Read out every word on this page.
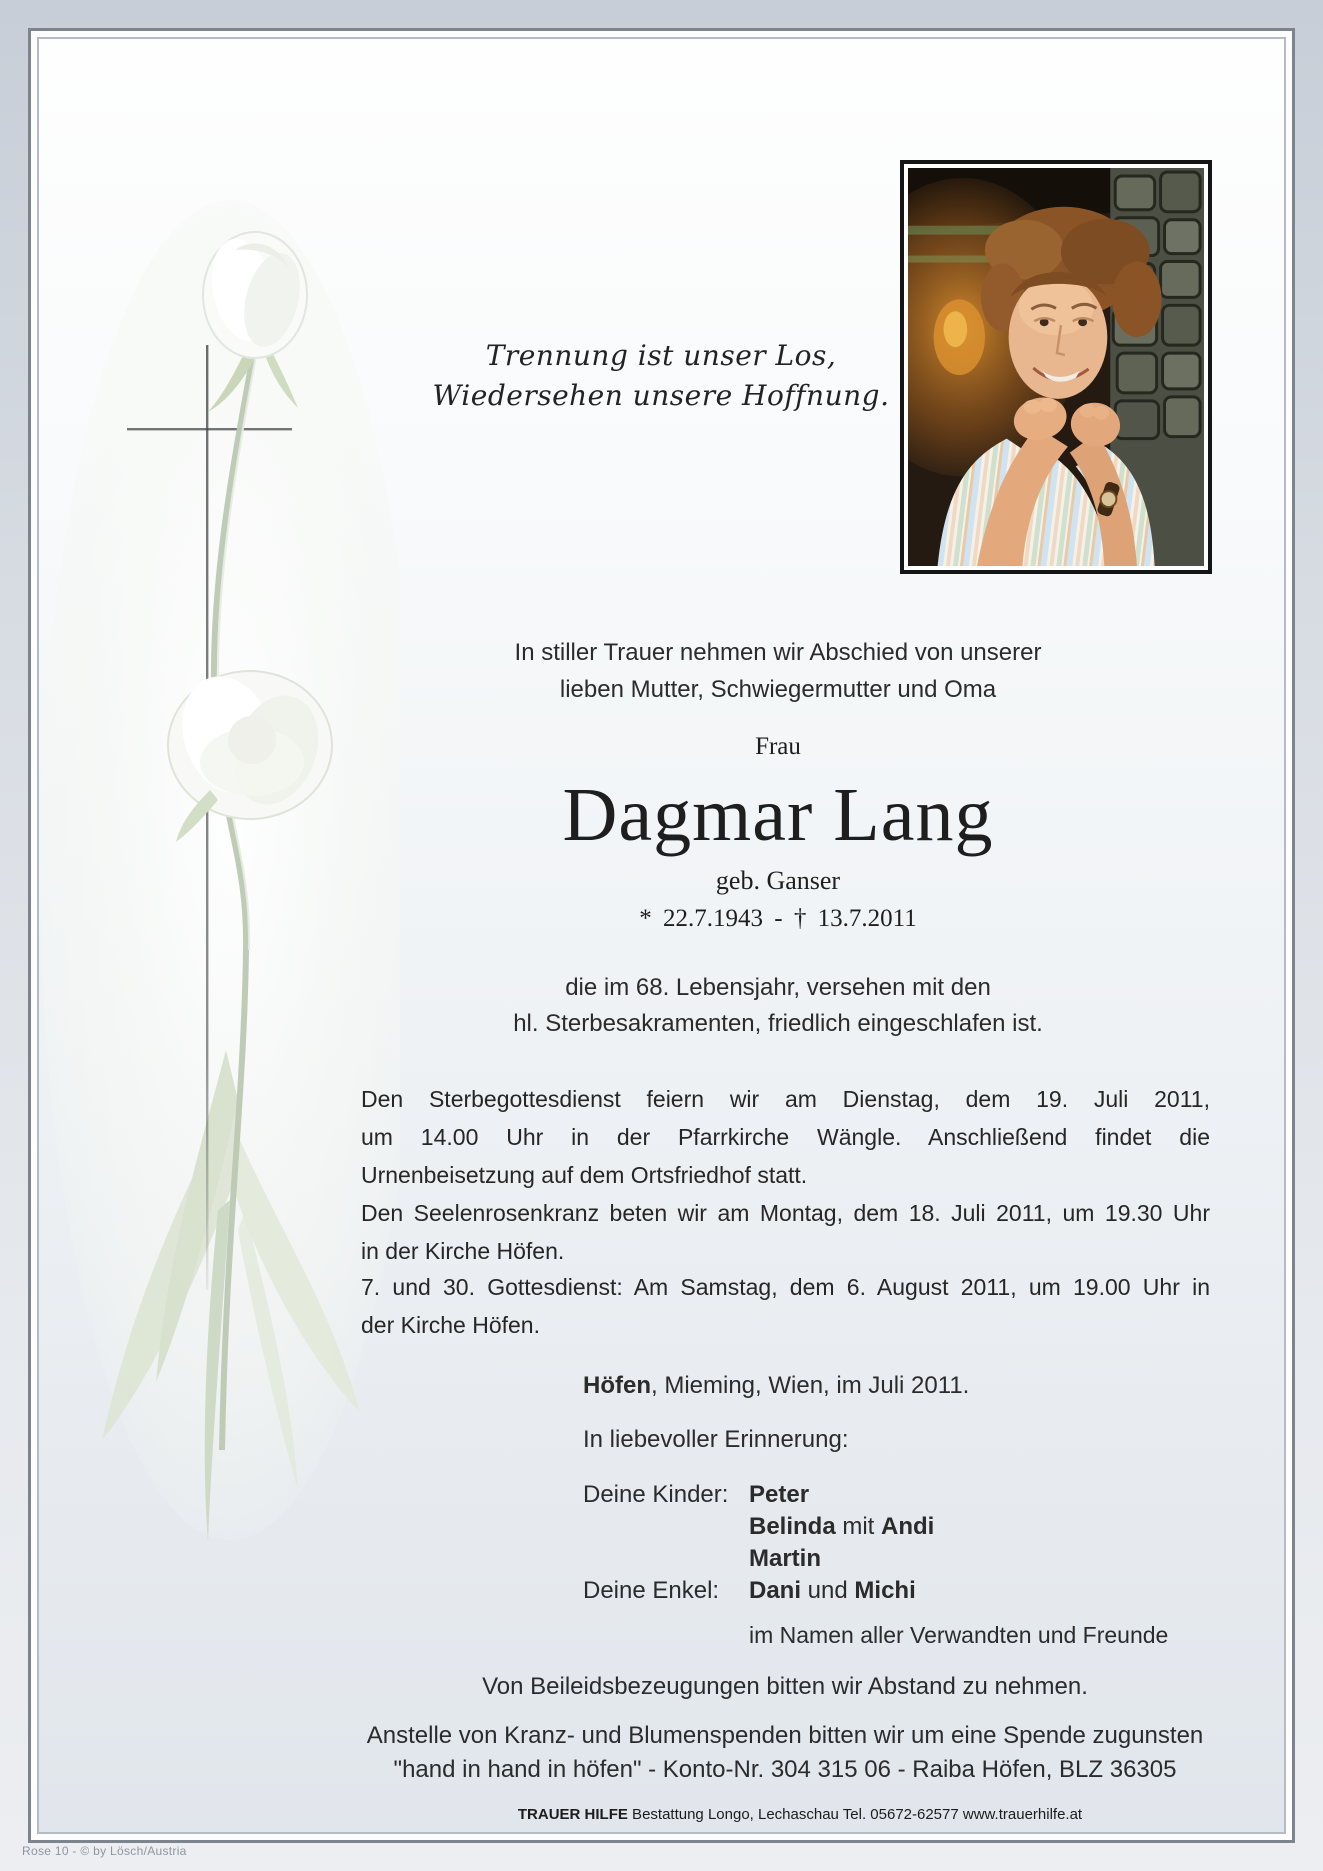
Trennung ist unser Los,
Wiedersehen unsere Hoffnung.
In stiller Trauer nehmen wir Abschied von unserer
lieben Mutter, Schwiegermutter und Oma
Frau
Dagmar Lang
geb. Ganser
* 22.7.1943 - † 13.7.2011
die im 68. Lebensjahr, versehen mit den
hl. Sterbesakramenten, friedlich eingeschlafen ist.
Den Sterbegottesdienst feiern wir am Dienstag, dem 19. Juli 2011,
um 14.00 Uhr in der Pfarrkirche Wängle. Anschließend findet die
Urnenbeisetzung auf dem Ortsfriedhof statt.
Den Seelenrosenkranz beten wir am Montag, dem 18. Juli 2011, um 19.30 Uhr
in der Kirche Höfen.
7. und 30. Gottesdienst: Am Samstag, dem 6. August 2011, um 19.00 Uhr in
der Kirche Höfen.
Höfen, Mieming, Wien, im Juli 2011.
In liebevoller Erinnerung:
Deine Kinder: Peter
Belinda mit Andi
Martin
Deine Enkel: Dani und Michi
im Namen aller Verwandten und Freunde
Von Beileidsbezeugungen bitten wir Abstand zu nehmen.
Anstelle von Kranz- und Blumenspenden bitten wir um eine Spende zugunsten
"hand in hand in höfen" - Konto-Nr. 304 315 06 - Raiba Höfen, BLZ 36305
TRAUER HILFE Bestattung Longo, Lechaschau Tel. 05672-62577 www.trauerhilfe.at
Rose 10 - © by Lösch/Austria
